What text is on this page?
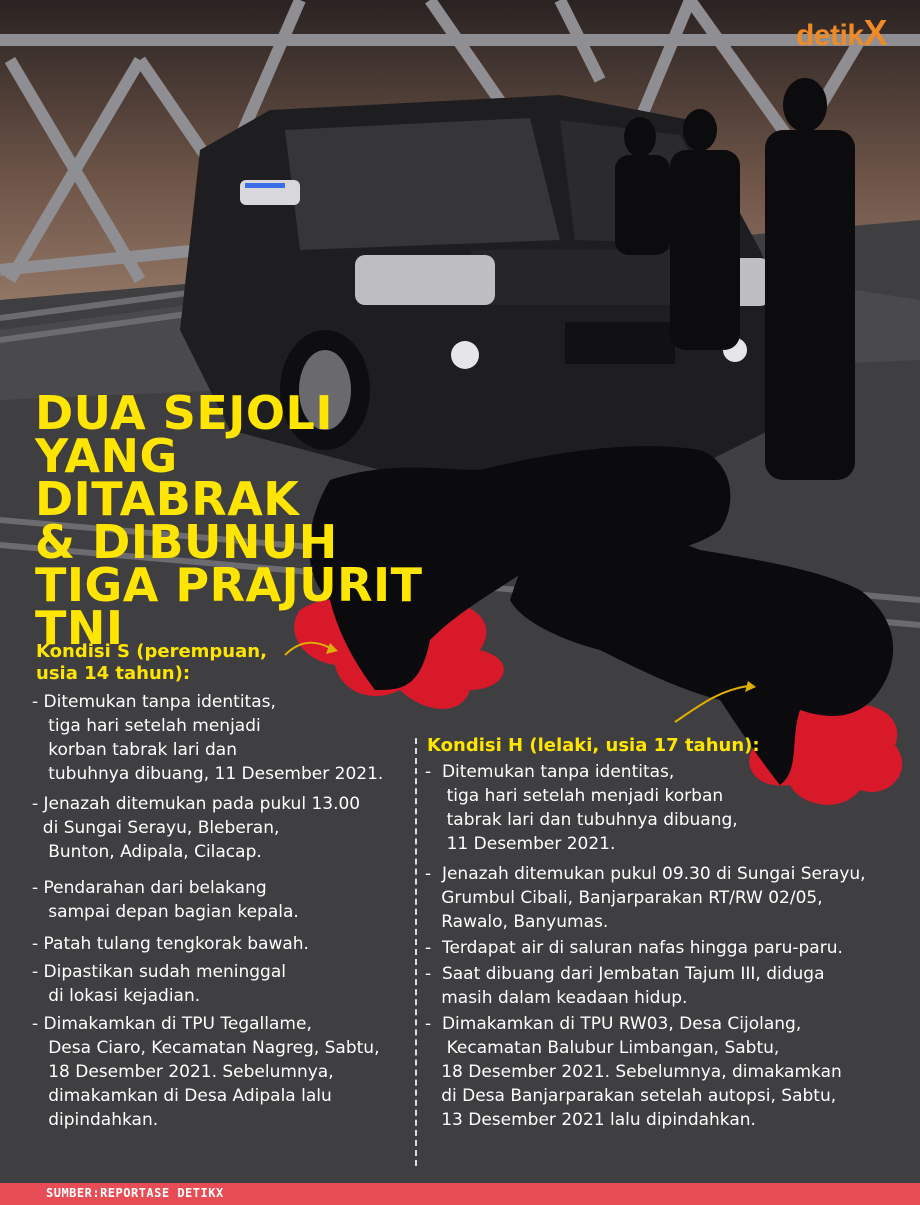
detikX
DUA SEJOLI
YANG DITABRAK
& DIBUNUH
TIGA PRAJURIT
TNI
Kondisi S (perempuan,
usia 14 tahun):
- Ditemukan tanpa identitas,
tiga hari setelah menjadi
korban tabrak lari dan
tubuhnya dibuang, 11 Desember 2021.
- Jenazah ditemukan pada pukul 13.00
di Sungai Serayu, Bleberan,
Bunton, Adipala, Cilacap.
- Pendarahan dari belakang
sampai depan bagian kepala.
- Patah tulang tengkorak bawah.
- Dipastikan sudah meninggal
di lokasi kejadian.
- Dimakamkan di TPU Tegallame,
Desa Ciaro, Kecamatan Nagreg, Sabtu,
18 Desember 2021. Sebelumnya,
dimakamkan di Desa Adipala lalu
dipindahkan.
Kondisi H (lelaki, usia 17 tahun):
-  Ditemukan tanpa identitas,
tiga hari setelah menjadi korban
tabrak lari dan tubuhnya dibuang,
11 Desember 2021.
-  Jenazah ditemukan pukul 09.30 di Sungai Serayu,
Grumbul Cibali, Banjarparakan RT/RW 02/05,
Rawalo, Banyumas.
-  Terdapat air di saluran nafas hingga paru-paru.
-  Saat dibuang dari Jembatan Tajum III, diduga
masih dalam keadaan hidup.
-  Dimakamkan di TPU RW03, Desa Cijolang,
Kecamatan Balubur Limbangan, Sabtu,
18 Desember 2021. Sebelumnya, dimakamkan
di Desa Banjarparakan setelah autopsi, Sabtu,
13 Desember 2021 lalu dipindahkan.
SUMBER:REPORTASE DETIKX
